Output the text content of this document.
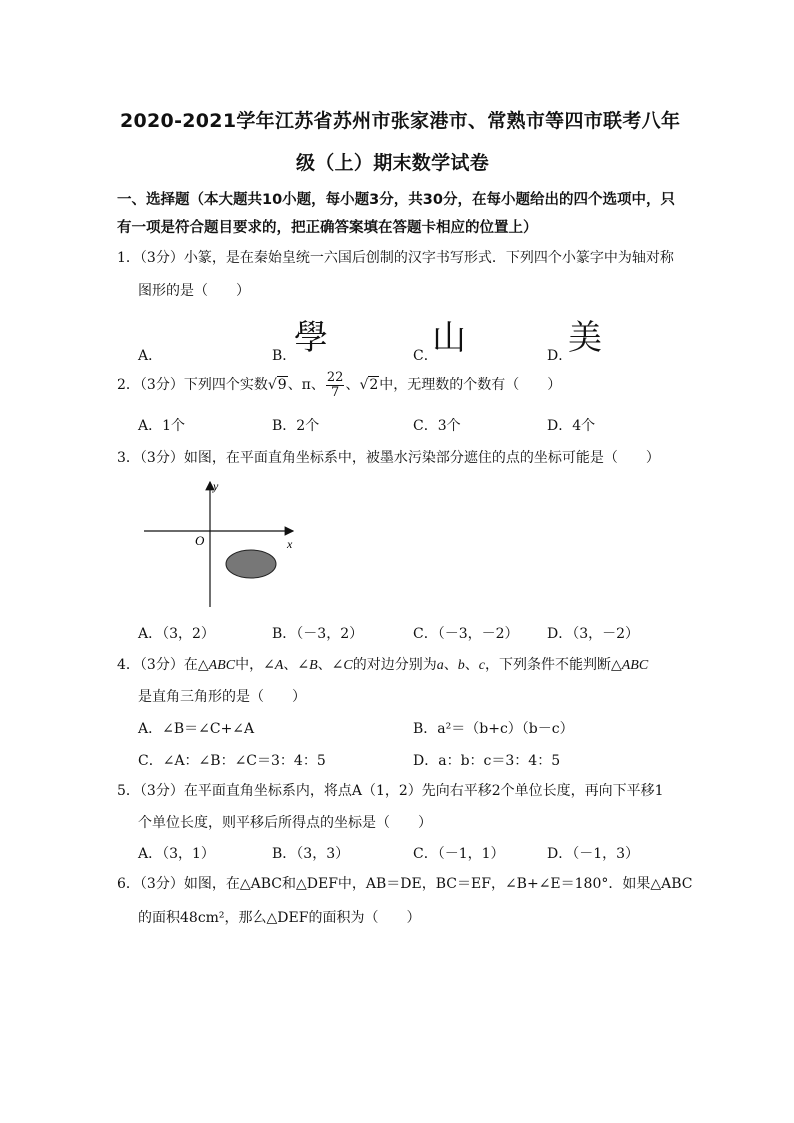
2020-2021学年江苏省苏州市张家港市、常熟市等四市联考八年
级（上）期末数学试卷
一、选择题（本大题共10小题，每小题3分，共30分，在每小题给出的四个选项中，只
有一项是符合题目要求的，把正确答案填在答题卡相应的位置上）
1．（3分）小篆，是在秦始皇统一六国后创制的汉字书写形式．下列四个小篆字中为轴对称
图形的是（　　）
A．	B．	C．	D．
學	山	美
2．（3分）下列四个实数√9、π、 $\frac{22}{7}$ 、√2中，无理数的个数有（　　）
A．1个	B．2个	C．3个	D．4个
3．（3分）如图，在平面直角坐标系中，被墨水污染部分遮住的点的坐标可能是（　　）
y
x
O
A．（3，2）	B．（－3，2）	C．（－3，－2） D．（3，－2）
4．（3分）在△ABC中，∠A、∠B、∠C的对边分别为a、b、c，下列条件不能判断△ABC
是直角三角形的是（　　）
A．∠B＝∠C+∠A	B．a²＝（b+c）（b－c）
C．∠A：∠B：∠C＝3：4：5	D．a：b：c＝3：4：5
5．（3分）在平面直角坐标系内，将点A（1，2）先向右平移2个单位长度，再向下平移1
个单位长度，则平移后所得点的坐标是（　　）
A．（3，1）	B．（3，3）	C．（－1，1）	D．（－1，3）
6．（3分）如图，在△ABC和△DEF中，AB＝DE，BC＝EF，∠B+∠E＝180°．如果△ABC
的面积48cm²，那么△DEF的面积为（　　）
